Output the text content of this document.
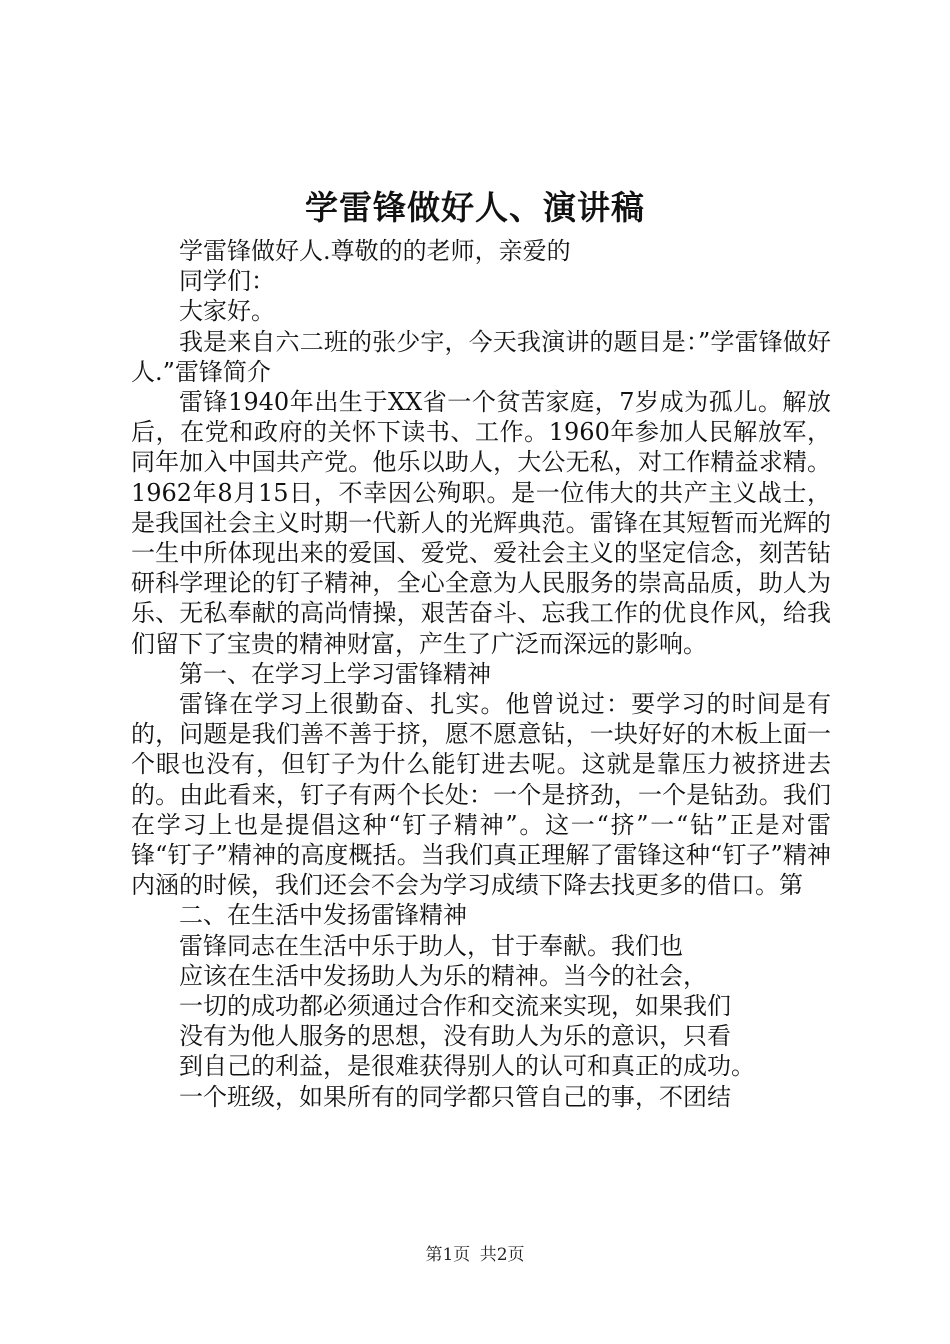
学雷锋做好人、演讲稿

学雷锋做好人.尊敬的的老师，亲爱的

同学们：

大家好。

我是来自六二班的张少宇，今天我演讲的题目是：”学雷锋做好人.”雷锋简介

雷锋1940年出生于XX省一个贫苦家庭，7岁成为孤儿。解放后，在党和政府的关怀下读书、工作。1960年参加人民解放军，同年加入中国共产党。他乐以助人，大公无私，对工作精益求精。1962年8月15日，不幸因公殉职。是一位伟大的共产主义战士，是我国社会主义时期一代新人的光辉典范。雷锋在其短暂而光辉的一生中所体现出来的爱国、爱党、爱社会主义的坚定信念，刻苦钻研科学理论的钉子精神，全心全意为人民服务的崇高品质，助人为乐、无私奉献的高尚情操，艰苦奋斗、忘我工作的优良作风，给我们留下了宝贵的精神财富，产生了广泛而深远的影响。

第一、在学习上学习雷锋精神

雷锋在学习上很勤奋、扎实。他曾说过：要学习的时间是有的，问题是我们善不善于挤，愿不愿意钻，一块好好的木板上面一个眼也没有，但钉子为什么能钉进去呢。这就是靠压力被挤进去的。由此看来，钉子有两个长处：一个是挤劲，一个是钻劲。我们在学习上也是提倡这种“钉子精神”。这一“挤”一“钻”正是对雷锋“钉子”精神的高度概括。当我们真正理解了雷锋这种“钉子”精神内涵的时候，我们还会不会为学习成绩下降去找更多的借口。第

二、在生活中发扬雷锋精神

雷锋同志在生活中乐于助人，甘于奉献。我们也

应该在生活中发扬助人为乐的精神。当今的社会，

一切的成功都必须通过合作和交流来实现，如果我们

没有为他人服务的思想，没有助人为乐的意识，只看

到自己的利益，是很难获得别人的认可和真正的成功。

一个班级，如果所有的同学都只管自己的事，不团结

第1页 共2页
